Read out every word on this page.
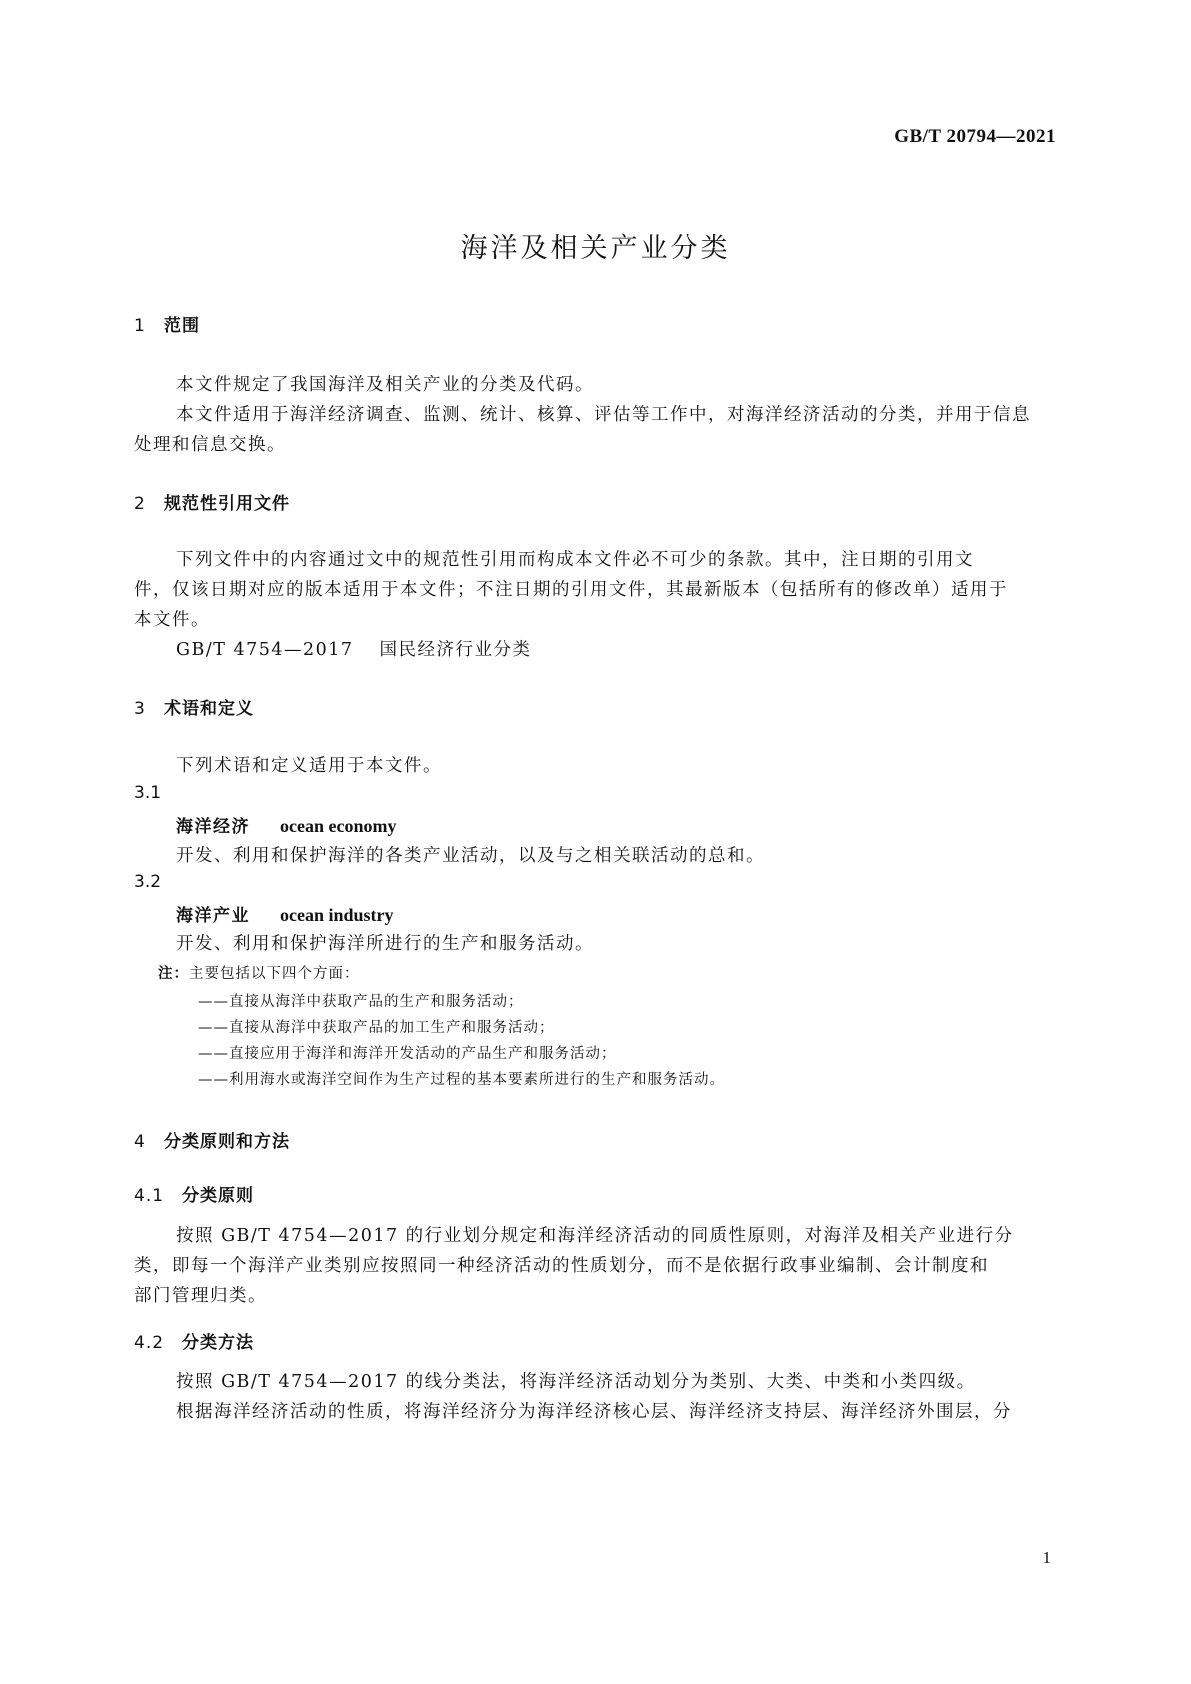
GB/T 20794—2021
海洋及相关产业分类
1 范围
本文件规定了我国海洋及相关产业的分类及代码。
本文件适用于海洋经济调查、监测、统计、核算、评估等工作中，对海洋经济活动的分类，并用于信息
处理和信息交换。
2 规范性引用文件
下列文件中的内容通过文中的规范性引用而构成本文件必不可少的条款。其中，注日期的引用文
件，仅该日期对应的版本适用于本文件；不注日期的引用文件，其最新版本（包括所有的修改单）适用于
本文件。
GB/T 4754—2017 国民经济行业分类
3 术语和定义
下列术语和定义适用于本文件。
3.1
海洋经济 ocean economy
开发、利用和保护海洋的各类产业活动，以及与之相关联活动的总和。
3.2
海洋产业 ocean industry
开发、利用和保护海洋所进行的生产和服务活动。
注：主要包括以下四个方面：
——直接从海洋中获取产品的生产和服务活动；
——直接从海洋中获取产品的加工生产和服务活动；
——直接应用于海洋和海洋开发活动的产品生产和服务活动；
——利用海水或海洋空间作为生产过程的基本要素所进行的生产和服务活动。
4 分类原则和方法
4.1 分类原则
按照 GB/T 4754—2017 的行业划分规定和海洋经济活动的同质性原则，对海洋及相关产业进行分
类，即每一个海洋产业类别应按照同一种经济活动的性质划分，而不是依据行政事业编制、会计制度和
部门管理归类。
4.2 分类方法
按照 GB/T 4754—2017 的线分类法，将海洋经济活动划分为类别、大类、中类和小类四级。
根据海洋经济活动的性质，将海洋经济分为海洋经济核心层、海洋经济支持层、海洋经济外围层，分
1
